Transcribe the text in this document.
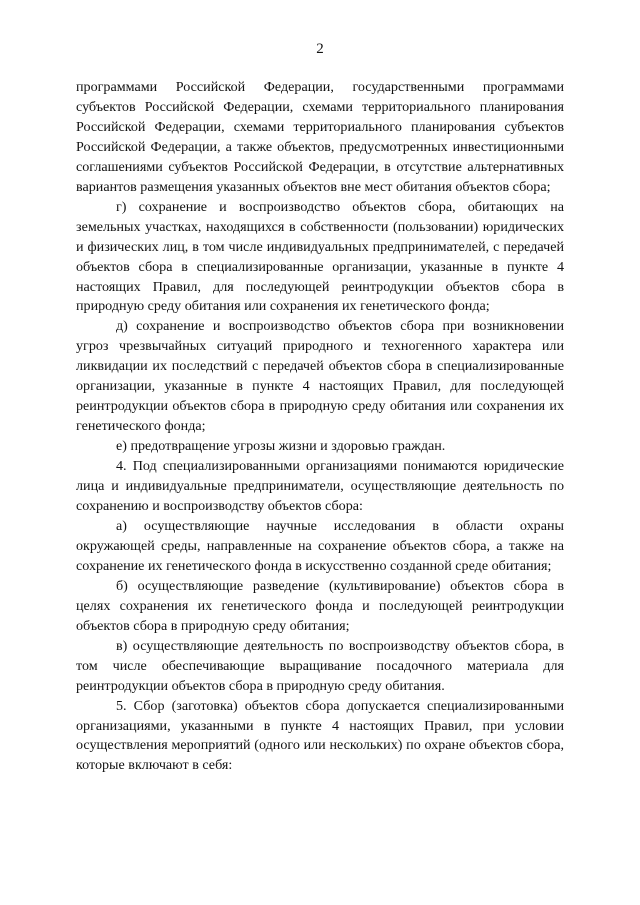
2

программами Российской Федерации, государственными программами субъектов Российской Федерации, схемами территориального планирования Российской Федерации, схемами территориального планирования субъектов Российской Федерации, а также объектов, предусмотренных инвестиционными соглашениями субъектов Российской Федерации, в отсутствие альтернативных вариантов размещения указанных объектов вне мест обитания объектов сбора;

г) сохранение и воспроизводство объектов сбора, обитающих на земельных участках, находящихся в собственности (пользовании) юридических и физических лиц, в том числе индивидуальных предпринимателей, с передачей объектов сбора в специализированные организации, указанные в пункте 4 настоящих Правил, для последующей реинтродукции объектов сбора в природную среду обитания или сохранения их генетического фонда;

д) сохранение и воспроизводство объектов сбора при возникновении угроз чрезвычайных ситуаций природного и техногенного характера или ликвидации их последствий с передачей объектов сбора в специализированные организации, указанные в пункте 4 настоящих Правил, для последующей реинтродукции объектов сбора в природную среду обитания или сохранения их генетического фонда;

е) предотвращение угрозы жизни и здоровью граждан.

4. Под специализированными организациями понимаются юридические лица и индивидуальные предприниматели, осуществляющие деятельность по сохранению и воспроизводству объектов сбора:

а) осуществляющие научные исследования в области охраны окружающей среды, направленные на сохранение объектов сбора, а также на сохранение их генетического фонда в искусственно созданной среде обитания;

б) осуществляющие разведение (культивирование) объектов сбора в целях сохранения их генетического фонда и последующей реинтродукции объектов сбора в природную среду обитания;

в) осуществляющие деятельность по воспроизводству объектов сбора, в том числе обеспечивающие выращивание посадочного материала для реинтродукции объектов сбора в природную среду обитания.

5. Сбор (заготовка) объектов сбора допускается специализированными организациями, указанными в пункте 4 настоящих Правил, при условии осуществления мероприятий (одного или нескольких) по охране объектов сбора, которые включают в себя:
